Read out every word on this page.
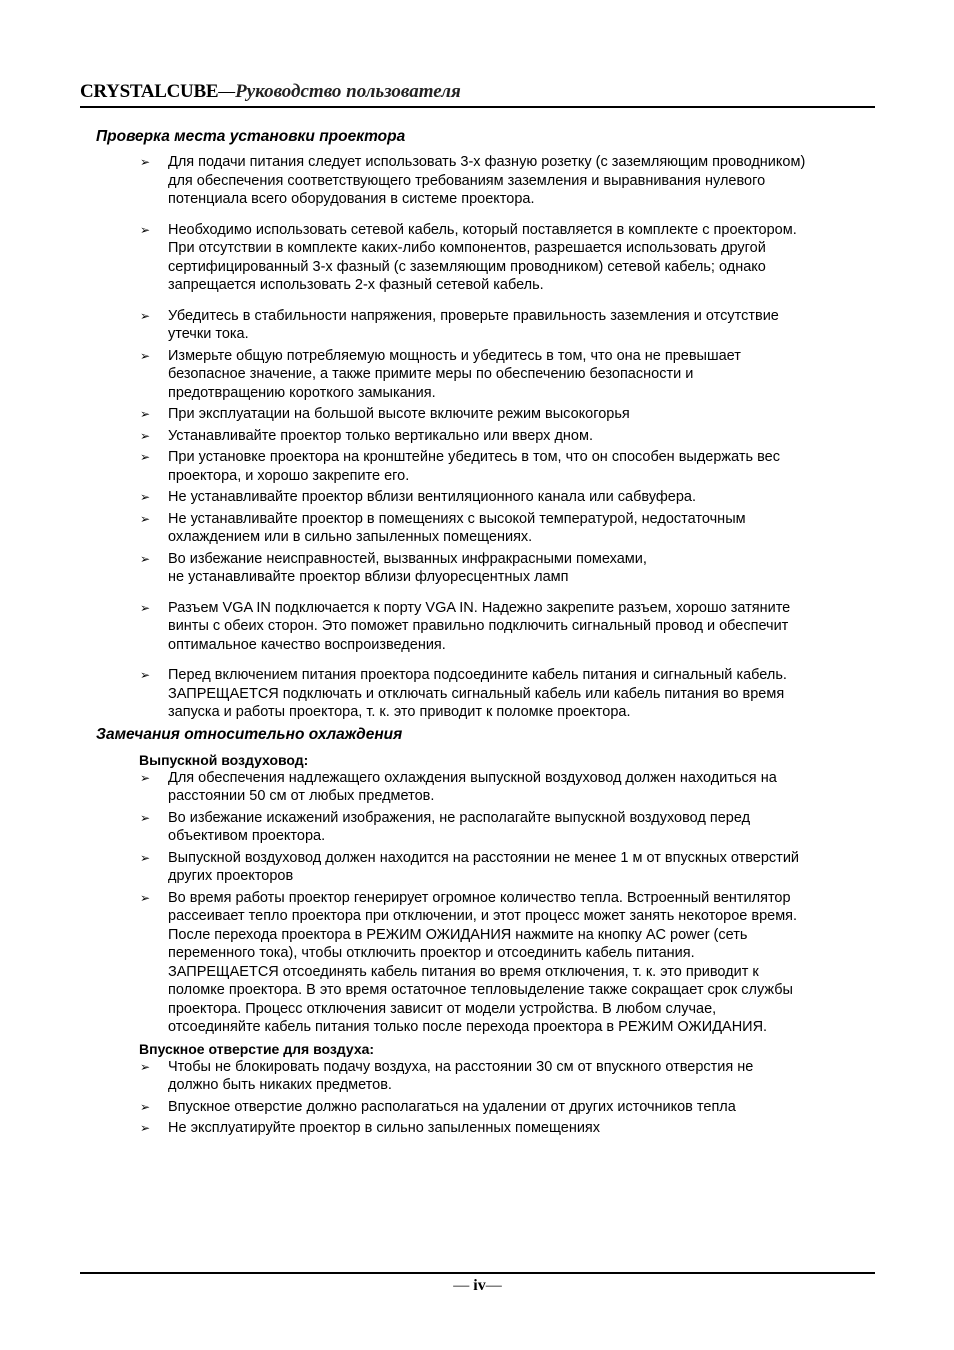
CRYSTALCUBE—Руководство пользователя
Проверка места установки проектора
➢ Для подачи питания следует использовать 3-х фазную розетку (с заземляющим проводником)
для обеспечения соответствующего требованиям заземления и выравнивания нулевого
потенциала всего оборудования в системе проектора.
➢ Необходимо использовать сетевой кабель, который поставляется в комплекте с проектором.
При отсутствии в комплекте каких-либо компонентов, разрешается использовать другой
сертифицированный 3-х фазный (с заземляющим проводником) сетевой кабель; однако
запрещается использовать 2-х фазный сетевой кабель.
➢ Убедитесь в стабильности напряжения, проверьте правильность заземления и отсутствие
утечки тока.
➢ Измерьте общую потребляемую мощность и убедитесь в том, что она не превышает
безопасное значение, а также примите меры по обеспечению безопасности и
предотвращению короткого замыкания.
➢ При эксплуатации на большой высоте включите режим высокогорья
➢ Устанавливайте проектор только вертикально или вверх дном.
➢ При установке проектора на кронштейне убедитесь в том, что он способен выдержать вес
проектора, и хорошо закрепите его.
➢ Не устанавливайте проектор вблизи вентиляционного канала или сабвуфера.
➢ Не устанавливайте проектор в помещениях с высокой температурой, недостаточным
охлаждением или в сильно запыленных помещениях.
➢ Во избежание неисправностей, вызванных инфракрасными помехами,
не устанавливайте проектор вблизи флуоресцентных ламп
➢ Разъем VGA IN подключается к порту VGA IN. Надежно закрепите разъем, хорошо затяните
винты с обеих сторон. Это поможет правильно подключить сигнальный провод и обеспечит
оптимальное качество воспроизведения.
➢ Перед включением питания проектора подсоедините кабель питания и сигнальный кабель.
ЗАПРЕЩАЕТСЯ подключать и отключать сигнальный кабель или кабель питания во время
запуска и работы проектора, т. к. это приводит к поломке проектора.
Замечания относительно охлаждения
Выпускной воздуховод:
➢ Для обеспечения надлежащего охлаждения выпускной воздуховод должен находиться на
расстоянии 50 см от любых предметов.
➢ Во избежание искажений изображения, не располагайте выпускной воздуховод перед
объективом проектора.
➢ Выпускной воздуховод должен находится на расстоянии не менее 1 м от впускных отверстий
других проекторов
➢ Во время работы проектор генерирует огромное количество тепла. Встроенный вентилятор
рассеивает тепло проектора при отключении, и этот процесс может занять некоторое время.
После перехода проектора в РЕЖИМ ОЖИДАНИЯ нажмите на кнопку AC power (сеть
переменного тока), чтобы отключить проектор и отсоединить кабель питания.
ЗАПРЕЩАЕТСЯ отсоединять кабель питания во время отключения, т. к. это приводит к
поломке проектора. В это время остаточное тепловыделение также сокращает срок службы
проектора. Процесс отключения зависит от модели устройства. В любом случае,
отсоединяйте кабель питания только после перехода проектора в РЕЖИМ ОЖИДАНИЯ.
Впускное отверстие для воздуха:
➢ Чтобы не блокировать подачу воздуха, на расстоянии 30 см от впускного отверстия не
должно быть никаких предметов.
➢ Впускное отверстие должно располагаться на удалении от других источников тепла
➢ Не эксплуатируйте проектор в сильно запыленных помещениях
— iv—
